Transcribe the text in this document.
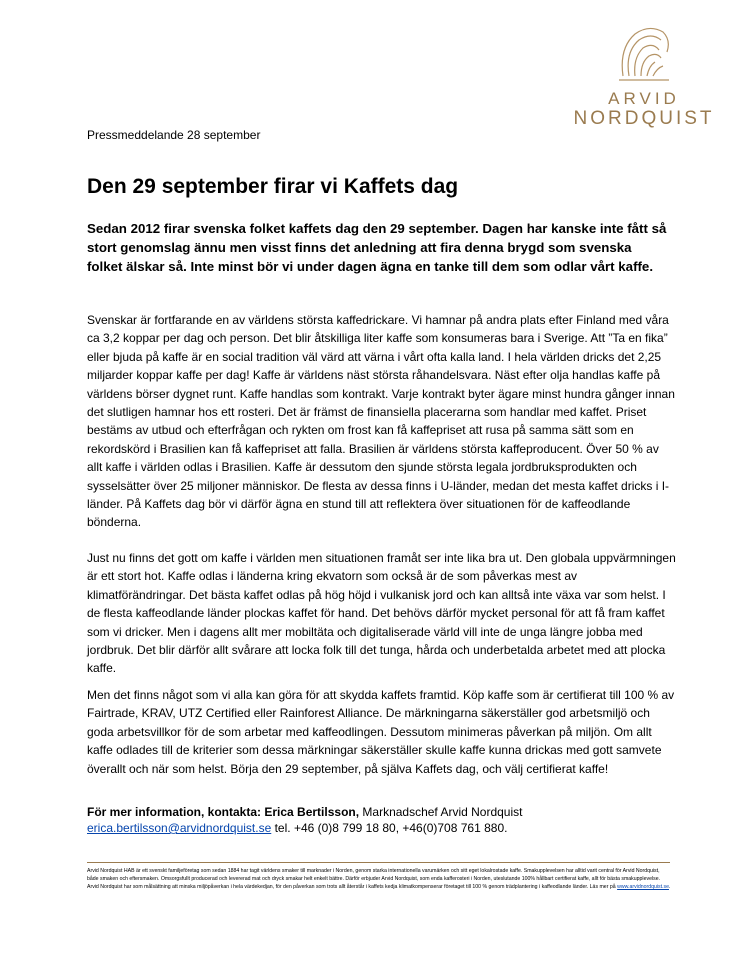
ARVID
NORDQUIST
Pressmeddelande 28 september
Den 29 september firar vi Kaffets dag

Sedan 2012 firar svenska folket kaffets dag den 29 september. Dagen har kanske inte fått så stort genomslag ännu men visst finns det anledning att fira denna brygd som svenska folket älskar så. Inte minst bör vi under dagen ägna en tanke till dem som odlar vårt kaffe.

Svenskar är fortfarande en av världens största kaffedrickare. Vi hamnar på andra plats efter Finland med våra ca 3,2 koppar per dag och person. Det blir åtskilliga liter kaffe som konsumeras bara i Sverige. Att ”Ta en fika” eller bjuda på kaffe är en social tradition väl värd att värna i vårt ofta kalla land. I hela världen dricks det 2,25 miljarder koppar kaffe per dag! Kaffe är världens näst största råhandelsvara. Näst efter olja handlas kaffe på världens börser dygnet runt. Kaffe handlas som kontrakt. Varje kontrakt byter ägare minst hundra gånger innan det slutligen hamnar hos ett rosteri. Det är främst de finansiella placerarna som handlar med kaffet. Priset bestäms av utbud och efterfrågan och rykten om frost kan få kaffepriset att rusa på samma sätt som en rekordskörd i Brasilien kan få kaffepriset att falla. Brasilien är världens största kaffeproducent. Över 50 % av allt kaffe i världen odlas i Brasilien. Kaffe är dessutom den sjunde största legala jordbruksprodukten och sysselsätter över 25 miljoner människor. De flesta av dessa finns i U-länder, medan det mesta kaffet dricks i I-länder. På Kaffets dag bör vi därför ägna en stund till att reflektera över situationen för de kaffeodlande bönderna.

Just nu finns det gott om kaffe i världen men situationen framåt ser inte lika bra ut. Den globala uppvärmningen är ett stort hot. Kaffe odlas i länderna kring ekvatorn som också är de som påverkas mest av klimatförändringar. Det bästa kaffet odlas på hög höjd i vulkanisk jord och kan alltså inte växa var som helst. I de flesta kaffeodlande länder plockas kaffet för hand. Det behövs därför mycket personal för att få fram kaffet som vi dricker. Men i dagens allt mer mobiltäta och digitaliserade värld vill inte de unga längre jobba med jordbruk. Det blir därför allt svårare att locka folk till det tunga, hårda och underbetalda arbetet med att plocka kaffe.

Men det finns något som vi alla kan göra för att skydda kaffets framtid. Köp kaffe som är certifierat till 100 % av Fairtrade, KRAV, UTZ Certified eller Rainforest Alliance. De märkningarna säkerställer god arbetsmiljö och goda arbetsvillkor för de som arbetar med kaffeodlingen. Dessutom minimeras påverkan på miljön. Om allt kaffe odlades till de kriterier som dessa märkningar säkerställer skulle kaffe kunna drickas med gott samvete överallt och när som helst. Börja den 29 september, på själva Kaffets dag, och välj certifierat kaffe!

För mer information, kontakta: Erica Bertilsson, Marknadschef Arvid Nordquist
erica.bertilsson@arvidnordquist.se tel. +46 (0)8 799 18 80, +46(0)708 761 880.
Arvid Nordquist HAB är ett svenskt familjeföretag som sedan 1884 har tagit världens smaker till marknader i Norden, genom starka internationella varumärken och sitt eget lokalrostade kaffe. Smakupplevelsen har alltid varit central för Arvid Nordquist, både smaken och eftersmaken. Omsorgsfullt producerad och levererad mat och dryck smakar helt enkelt bättre. Därför erbjuder Arvid Nordquist, som enda kafferosteri i Norden, uteslutande 100% hållbart certifierat kaffe, allt för bästa smakupplevelse. Arvid Nordquist har som målsättning att minska miljöpåverkan i hela värdekedjan, för den påverkan som trots allt återstår i kaffets kedja klimatkompenserar företaget till 100 % genom trädplantering i kaffeodlande länder. Läs mer på www.arvidnordquist.se.
